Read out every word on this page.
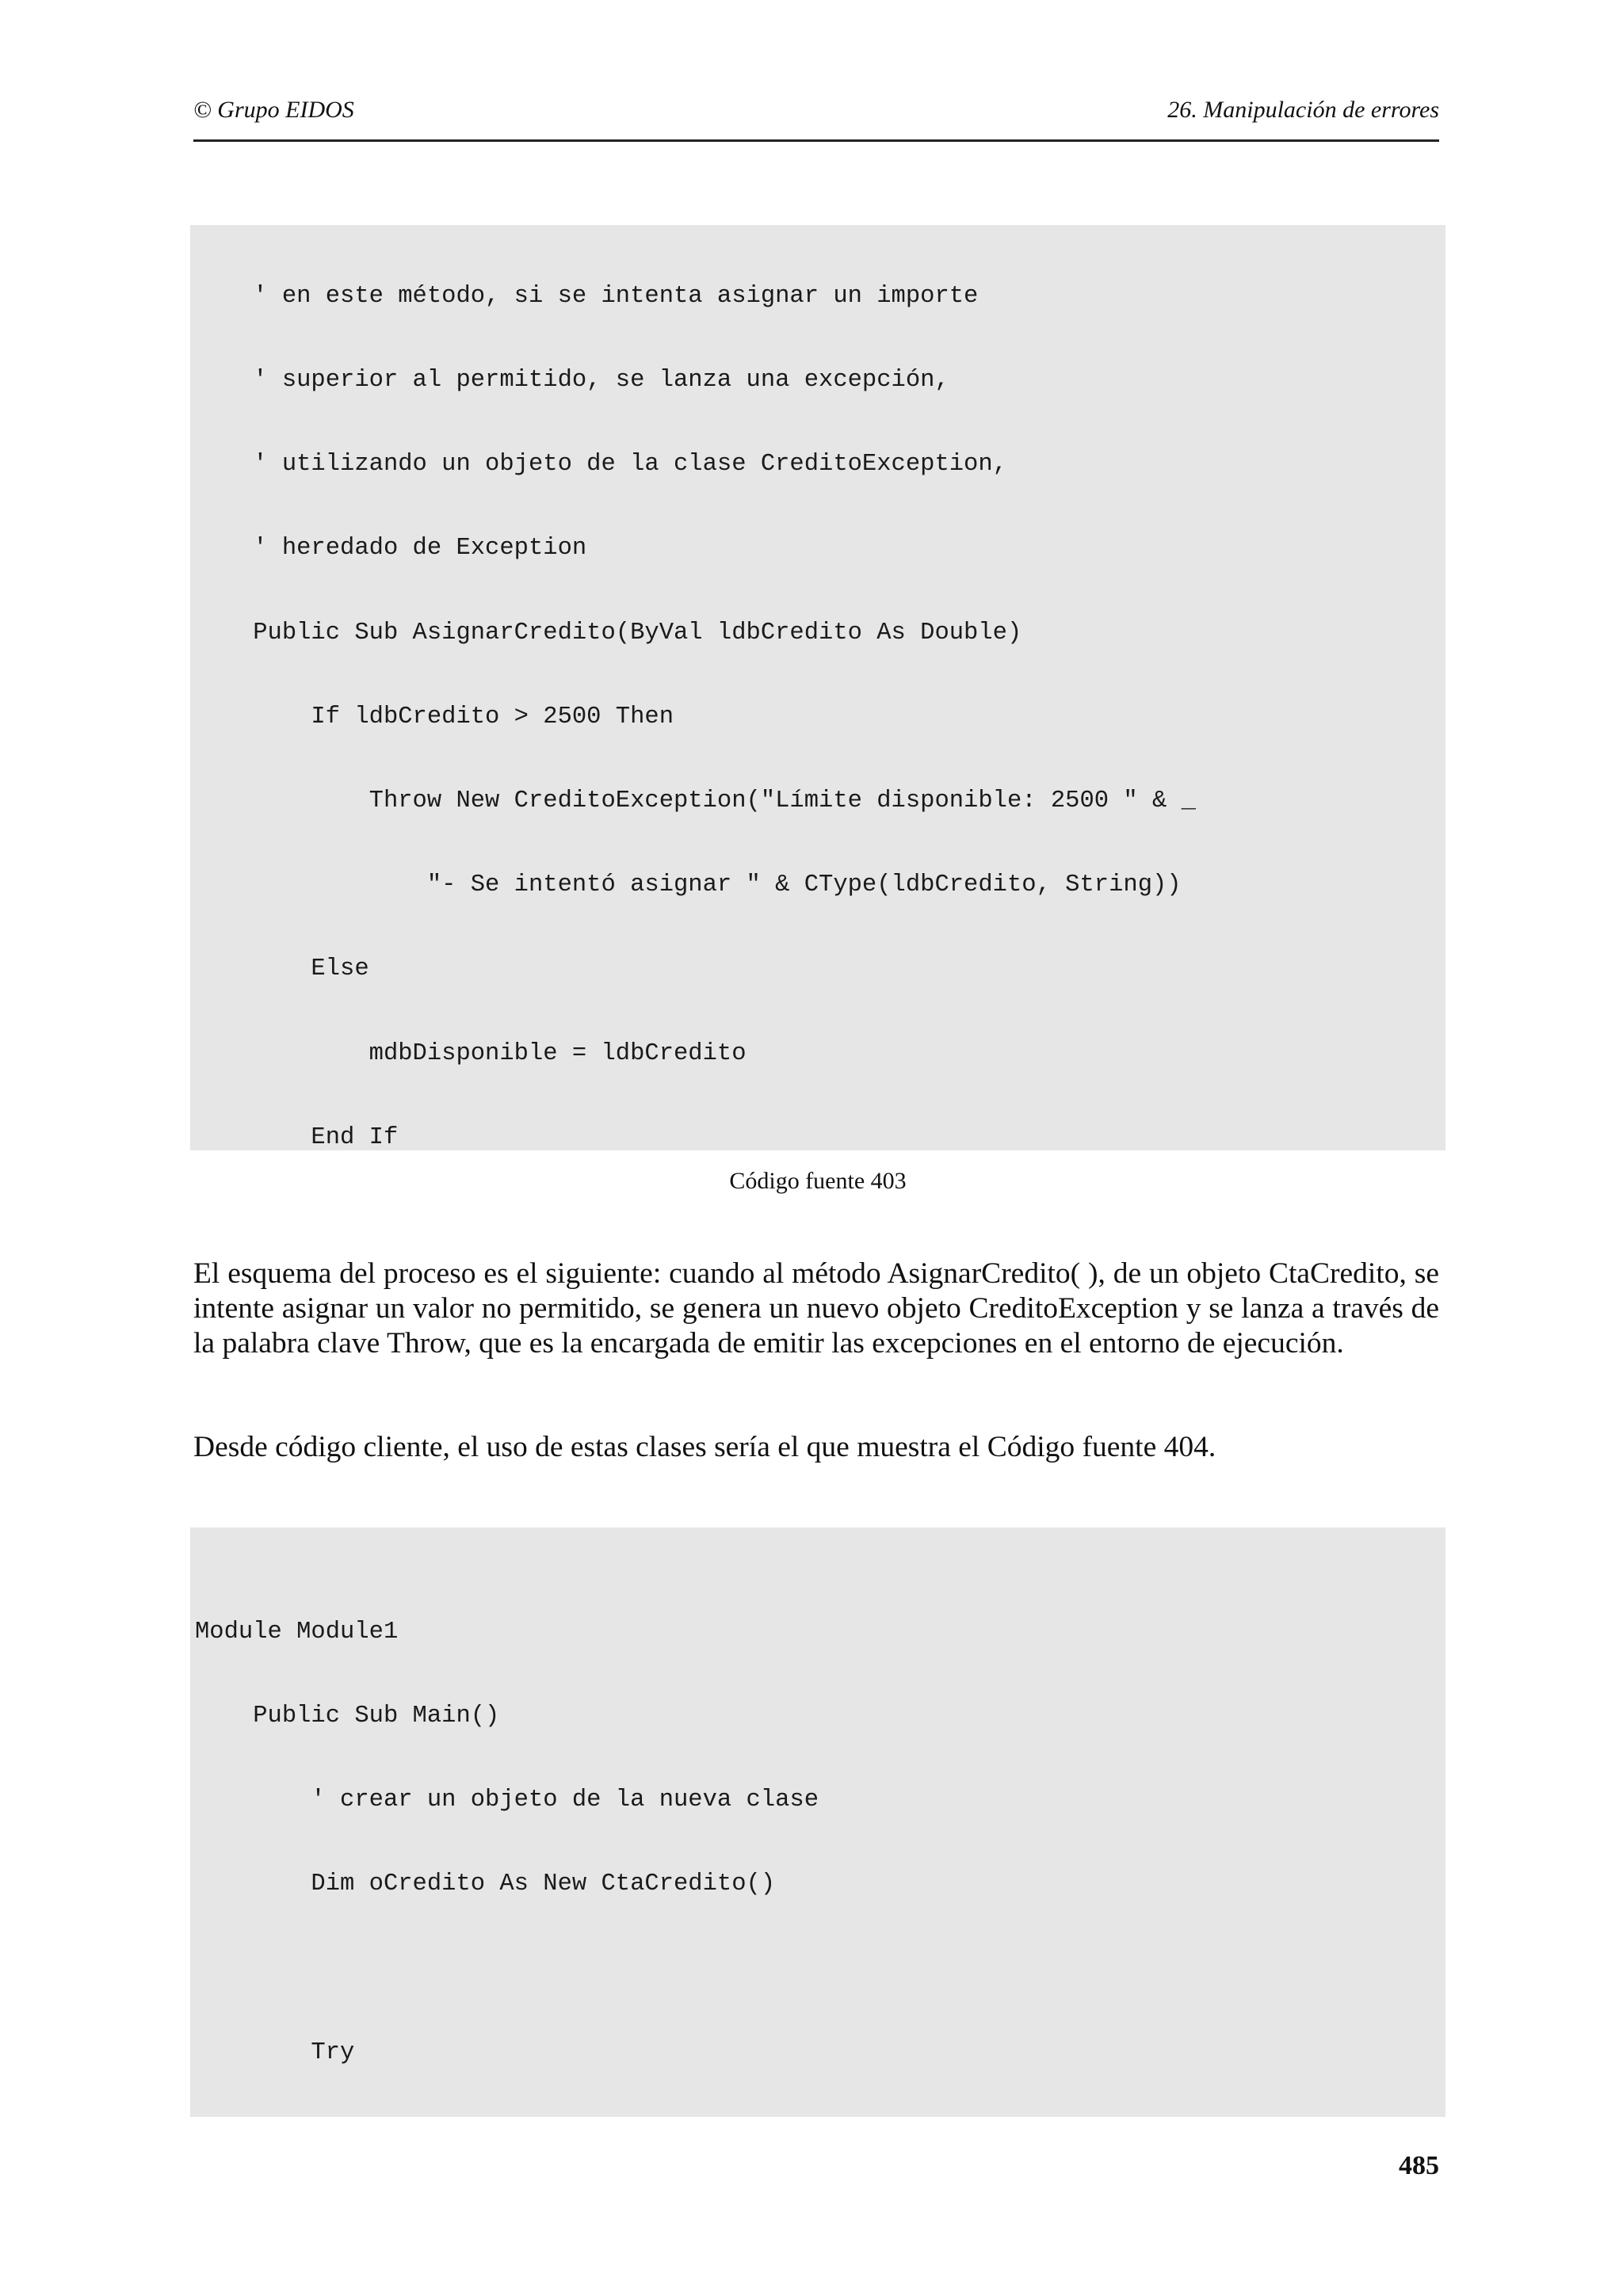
© Grupo EIDOS	26. Manipulación de errores

' en este método, si se intenta asignar un importe

' superior al permitido, se lanza una excepción,

' utilizando un objeto de la clase CreditoException,

' heredado de Exception

Public Sub AsignarCredito(ByVal ldbCredito As Double)

If ldbCredito > 2500 Then

Throw New CreditoException("Límite disponible: 2500 " & _

"- Se intentó asignar " & CType(ldbCredito, String))

Else

mdbDisponible = ldbCredito

End If

Código fuente 403

El esquema del proceso es el siguiente: cuando al método AsignarCredito( ), de un objeto CtaCredito, se intente asignar un valor no permitido, se genera un nuevo objeto CreditoException y se lanza a través de la palabra clave Throw, que es la encargada de emitir las excepciones en el entorno de ejecución.

Desde código cliente, el uso de estas clases sería el que muestra el Código fuente 404.

Module Module1

Public Sub Main()

' crear un objeto de la nueva clase

Dim oCredito As New CtaCredito()

Try

485
